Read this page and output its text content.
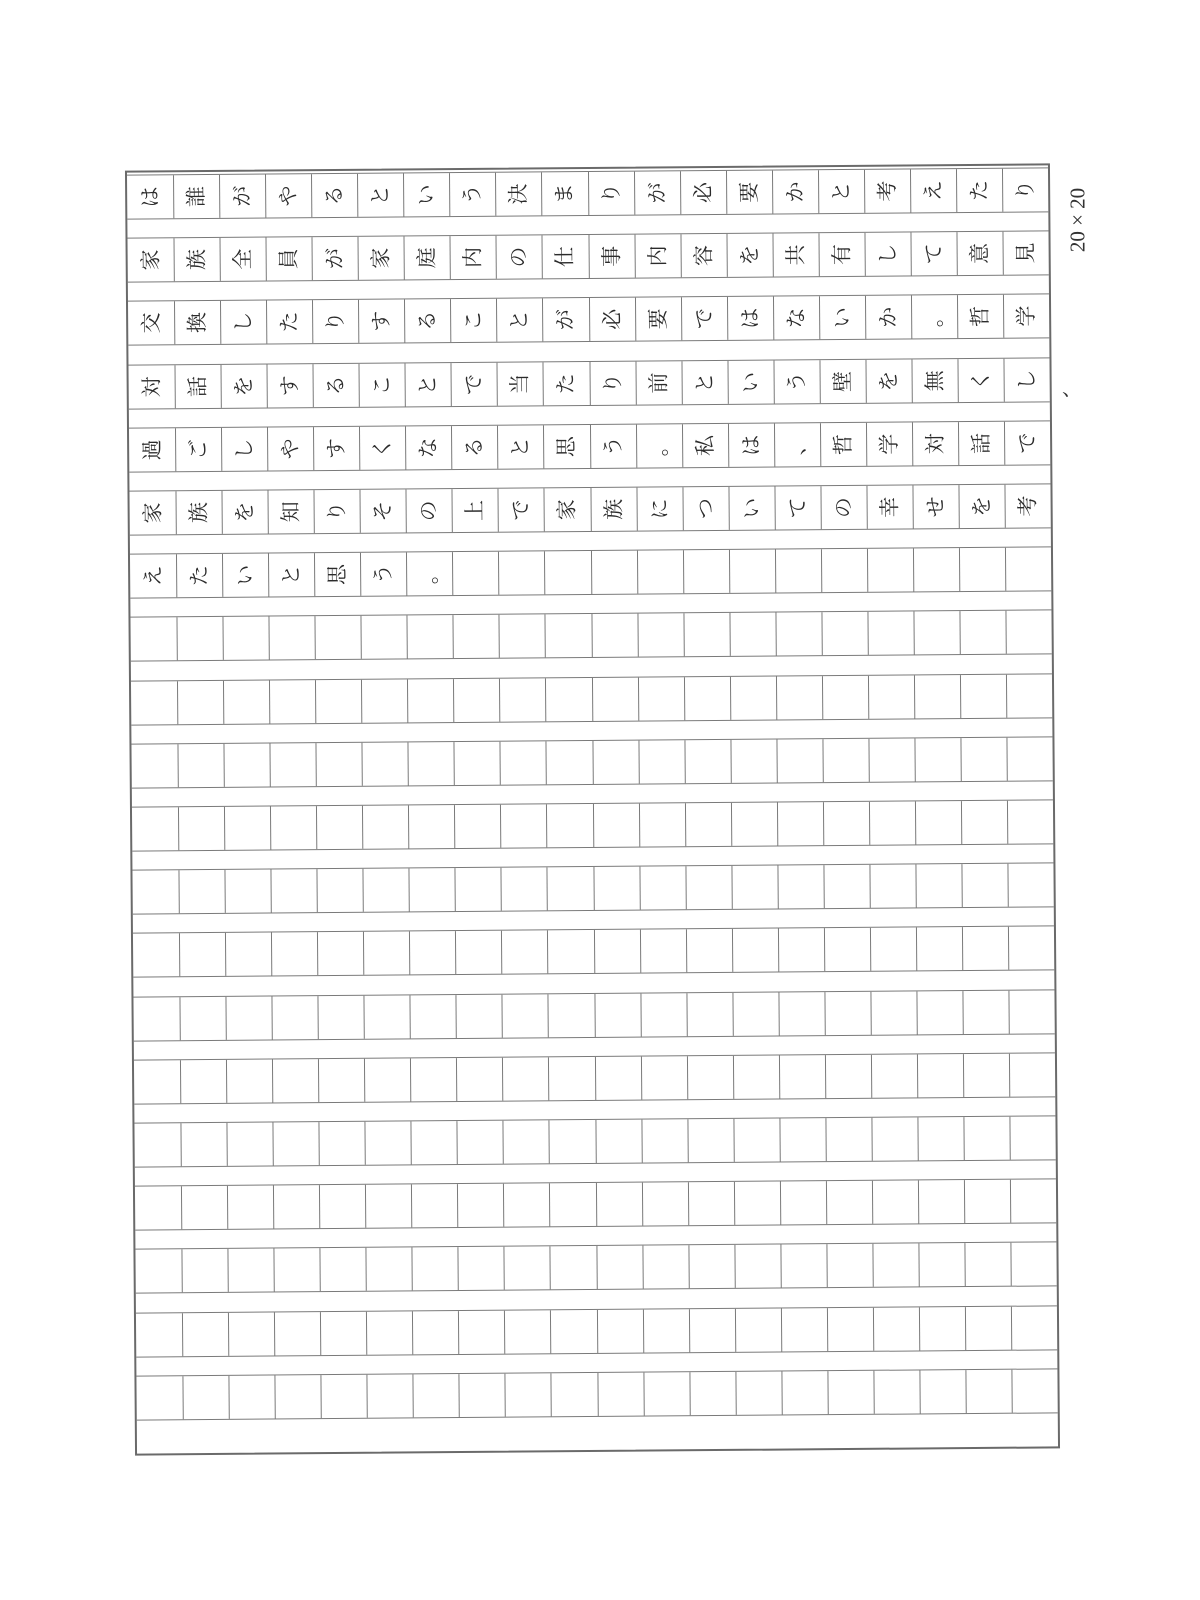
は 誰 が や る と い う 決 ま り が 必 要 か と 考 え た り
家 族 全 員 が 家 庭 内 の 仕 事 内 容 を 共 有 し て 意 見
交 換 し た り す る こ と が 必 要 で は な い か 。 哲 学
対 話 を す る こ と で 当 た り 前 と い う 壁 を 無 く し
過 ご し や す く な る と 思 う 。 私 は 、 哲 学 対 話 で
家 族 を 知 り そ の 上 で 家 族 に つ い て の 幸 せ を 考
え た い と 思 う 。
20 × 20
、
